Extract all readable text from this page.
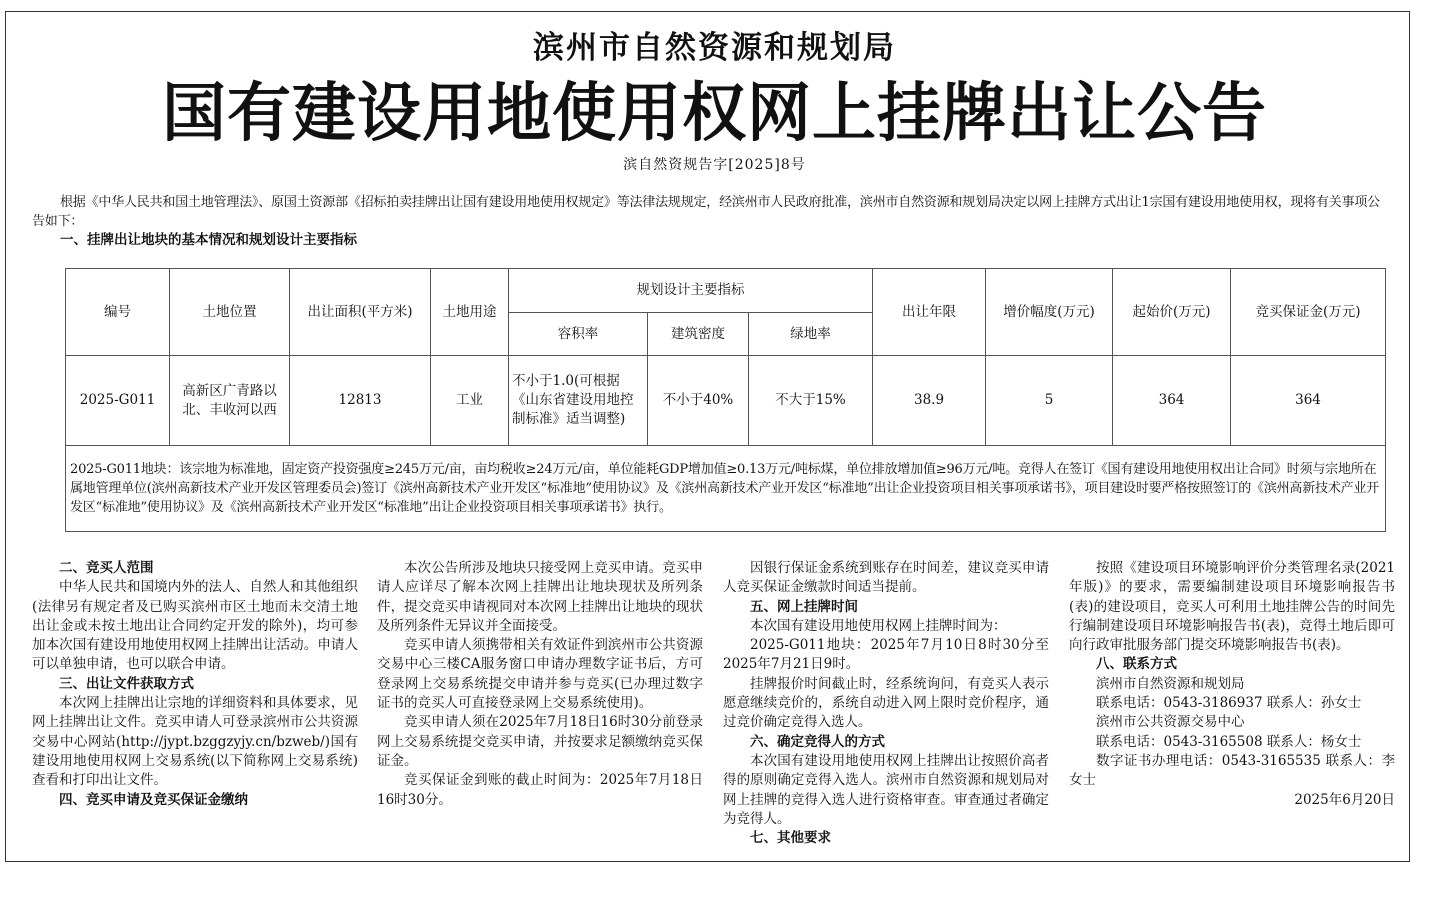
滨州市自然资源和规划局
国有建设用地使用权网上挂牌出让公告
滨自然资规告字[2025]8号
根据《中华人民共和国土地管理法》、原国土资源部《招标拍卖挂牌出让国有建设用地使用权规定》等法律法规规定，经滨州市人民政府批准，滨州市自然资源和规划局决定以网上挂牌方式出让1宗国有建设用地使用权，现将有关事项公告如下：
一、挂牌出让地块的基本情况和规划设计主要指标
编号	土地位置	出让面积(平方米)	土地用途	规划设计主要指标			出让年限	增价幅度(万元)	起始价(万元)	竞买保证金(万元)
				容积率	建筑密度	绿地率				
2025-G011	高新区广青路以北、丰收河以西	12813	工业	不小于1.0(可根据《山东省建设用地控制标准》适当调整)	不小于40%	不大于15%	38.9	5	364	364
2025-G011地块：该宗地为标准地，固定资产投资强度≥245万元/亩，亩均税收≥24万元/亩，单位能耗GDP增加值≥0.13万元/吨标煤，单位排放增加值≥96万元/吨。竞得人在签订《国有建设用地使用权出让合同》时须与宗地所在属地管理单位(滨州高新技术产业开发区管理委员会)签订《滨州高新技术产业开发区“标准地”使用协议》及《滨州高新技术产业开发区“标准地”出让企业投资项目相关事项承诺书》，项目建设时要严格按照签订的《滨州高新技术产业开发区“标准地”使用协议》及《滨州高新技术产业开发区“标准地”出让企业投资项目相关事项承诺书》执行。										
二、竞买人范围

中华人民共和国境内外的法人、自然人和其他组织(法律另有规定者及已购买滨州市区土地而未交清土地出让金或未按土地出让合同约定开发的除外)，均可参加本次国有建设用地使用权网上挂牌出让活动。申请人可以单独申请，也可以联合申请。

三、出让文件获取方式

本次网上挂牌出让宗地的详细资料和具体要求，见网上挂牌出让文件。竞买申请人可登录滨州市公共资源交易中心网站(http://jypt.bzggzyjy.cn/bzweb/)国有建设用地使用权网上交易系统(以下简称网上交易系统)查看和打印出让文件。

四、竞买申请及竞买保证金缴纳

本次公告所涉及地块只接受网上竞买申请。竞买申请人应详尽了解本次网上挂牌出让地块现状及所列条件，提交竞买申请视同对本次网上挂牌出让地块的现状及所列条件无异议并全面接受。

竞买申请人须携带相关有效证件到滨州市公共资源交易中心三楼CA服务窗口申请办理数字证书后，方可登录网上交易系统提交申请并参与竞买(已办理过数字证书的竞买人可直接登录网上交易系统使用)。

竞买申请人须在2025年7月18日16时30分前登录网上交易系统提交竞买申请，并按要求足额缴纳竞买保证金。

竞买保证金到账的截止时间为：2025年7月18日16时30分。

因银行保证金系统到账存在时间差，建议竞买申请人竞买保证金缴款时间适当提前。

五、网上挂牌时间

本次国有建设用地使用权网上挂牌时间为：

2025-G011地块：2025年7月10日8时30分至2025年7月21日9时。

挂牌报价时间截止时，经系统询问，有竞买人表示愿意继续竞价的，系统自动进入网上限时竞价程序，通过竞价确定竞得入选人。

六、确定竞得人的方式

本次国有建设用地使用权网上挂牌出让按照价高者得的原则确定竞得入选人。滨州市自然资源和规划局对网上挂牌的竞得入选人进行资格审查。审查通过者确定为竞得人。

七、其他要求

按照《建设项目环境影响评价分类管理名录(2021年版)》的要求，需要编制建设项目环境影响报告书(表)的建设项目，竞买人可利用土地挂牌公告的时间先行编制建设项目环境影响报告书(表)，竞得土地后即可向行政审批服务部门提交环境影响报告书(表)。

八、联系方式
滨州市自然资源和规划局
联系电话：0543-3186937 联系人：孙女士
滨州市公共资源交易中心
联系电话：0543-3165508 联系人：杨女士

数字证书办理电话：0543-3165535 联系人：李女士

2025年6月20日
